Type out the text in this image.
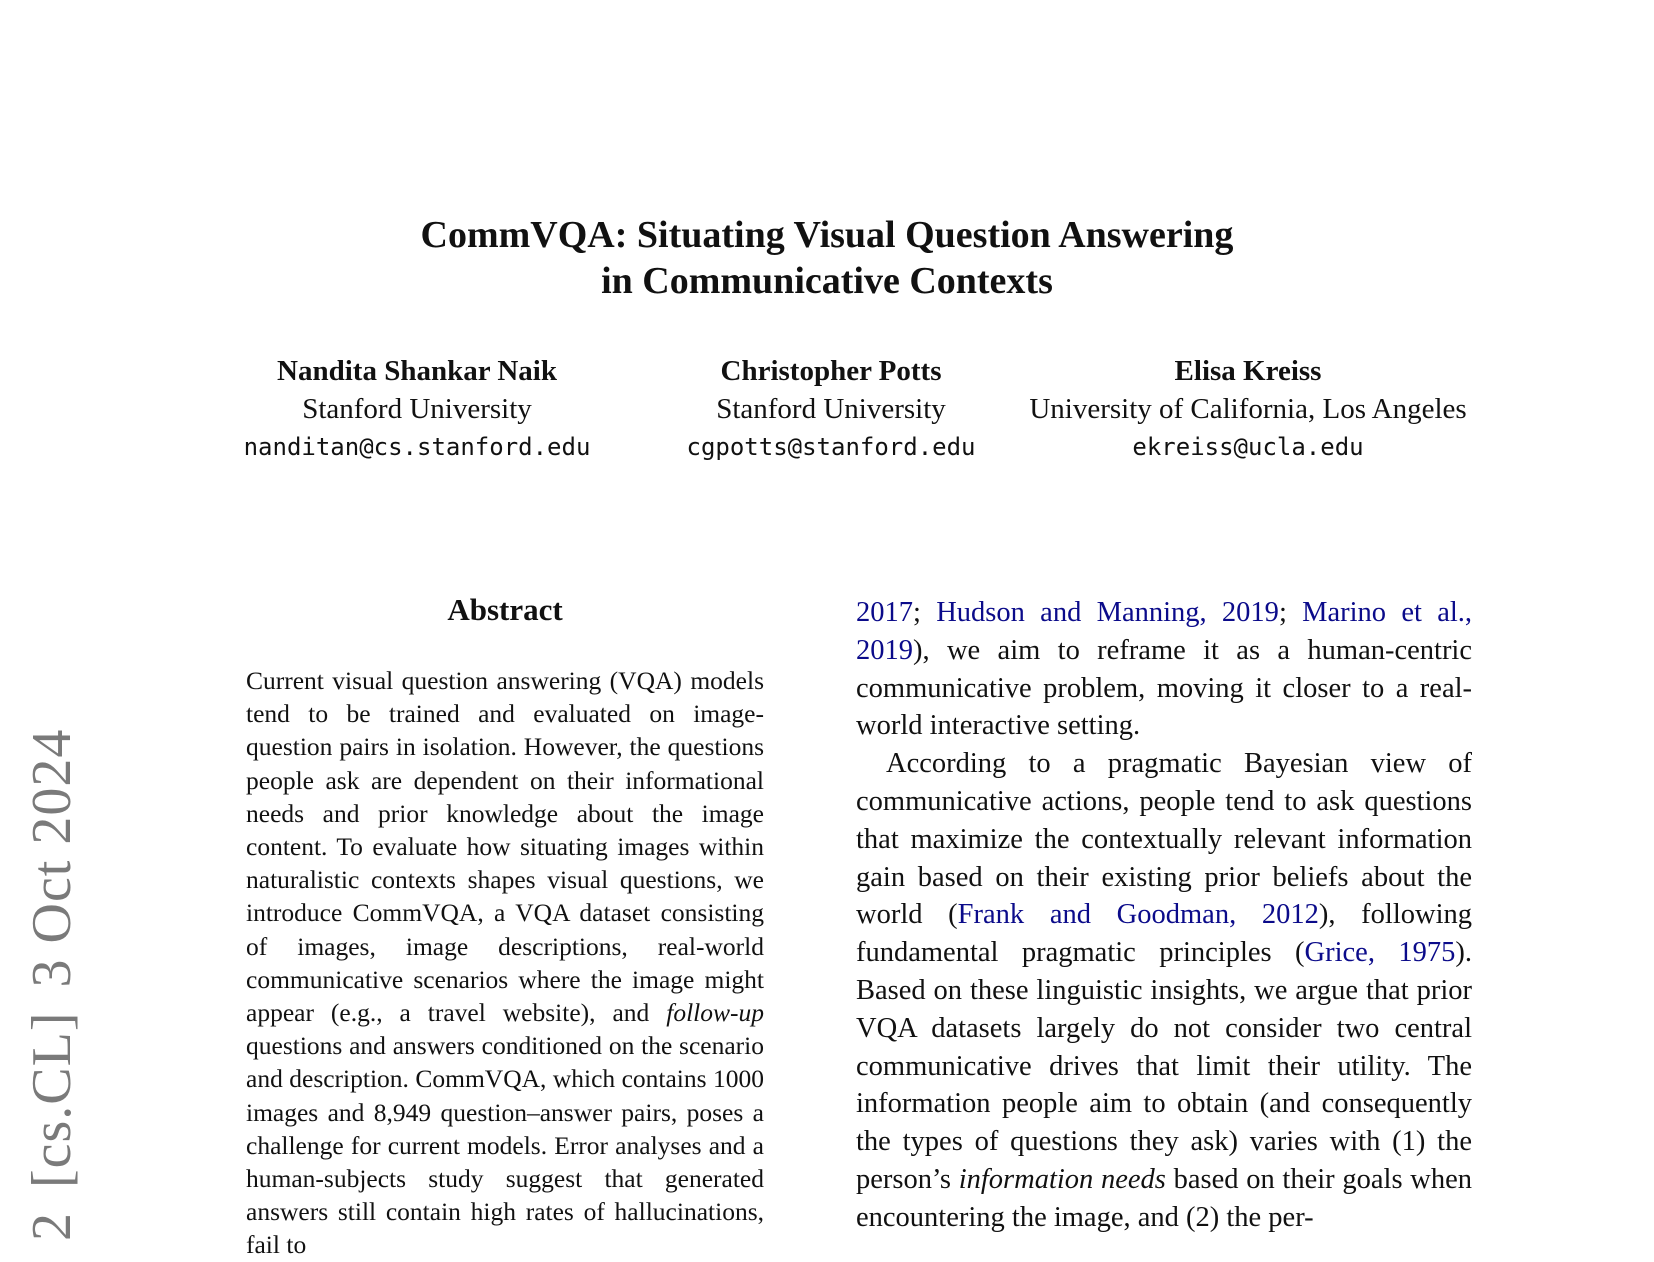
2[cs.CL]3 Oct 2024
CommVQA: Situating Visual Question Answering
in Communicative Contexts
Nandita Shankar Naik
Stanford University
nanditan@cs.stanford.edu
Christopher Potts
Stanford University
cgpotts@stanford.edu
Elisa Kreiss
University of California, Los Angeles
ekreiss@ucla.edu
Abstract

Current visual question answering (VQA) models tend to be trained and evaluated on image-question pairs in isolation. However, the questions people ask are dependent on their informational needs and prior knowledge about the image content. To evaluate how situating images within naturalistic contexts shapes visual questions, we introduce CommVQA, a VQA dataset consisting of images, image descriptions, real-world communicative scenarios where the image might appear (e.g., a travel website), and follow-up questions and answers conditioned on the scenario and description. CommVQA, which contains 1000 images and 8,949 question–answer pairs, poses a challenge for current models. Error analyses and a human-subjects study suggest that generated answers still contain high rates of hallucinations, fail to

2017; Hudson and Manning, 2019; Marino et al., 2019), we aim to reframe it as a human-centric communicative problem, moving it closer to a real-world interactive setting.

According to a pragmatic Bayesian view of communicative actions, people tend to ask questions that maximize the contextually relevant information gain based on their existing prior beliefs about the world (Frank and Goodman, 2012), following fundamental pragmatic principles (Grice, 1975). Based on these linguistic insights, we argue that prior VQA datasets largely do not consider two central communicative drives that limit their utility. The information people aim to obtain (and consequently the types of questions they ask) varies with (1) the person’s information needs based on their goals when encountering the image, and (2) the per-
